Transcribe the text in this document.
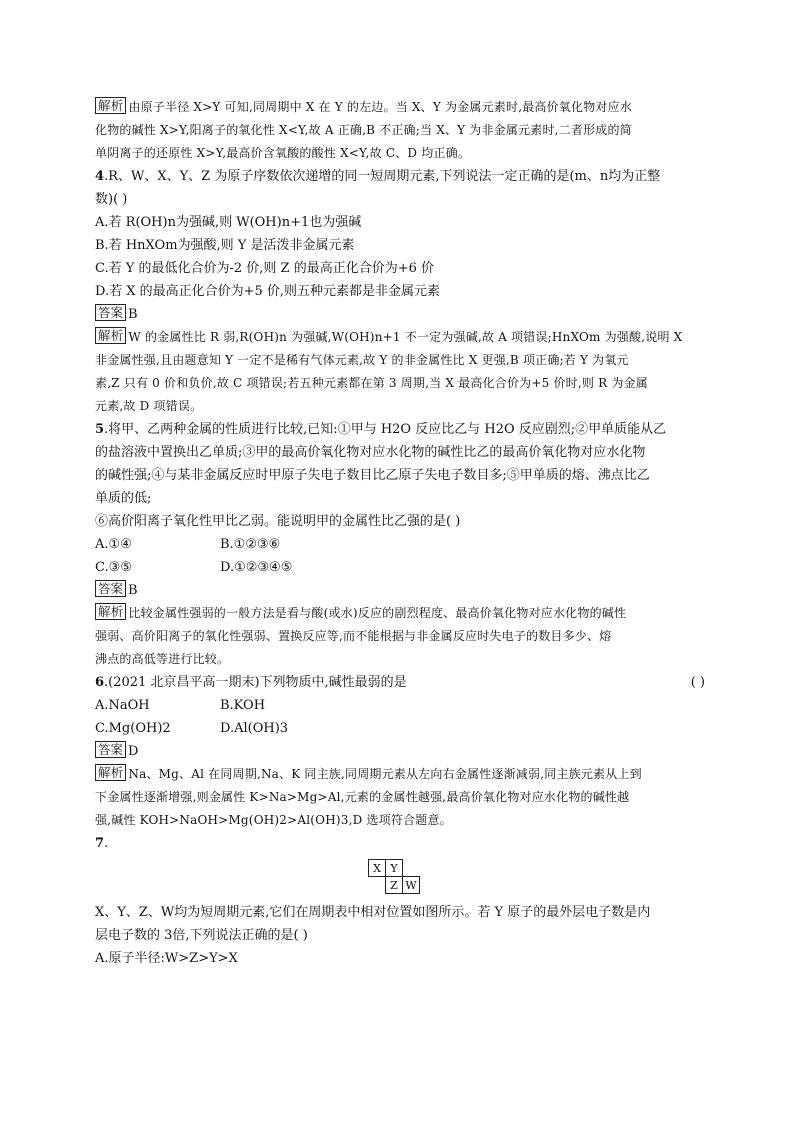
解析 由原子半径 X>Y 可知,同周期中 X 在 Y 的左边。当 X、Y 为金属元素时,最高价氧化物对应水
化物的碱性 X>Y,阳离子的氧化性 X<Y,故 A 正确,B 不正确;当 X、Y 为非金属元素时,二者形成的简
单阴离子的还原性 X>Y,最高价含氧酸的酸性 X<Y,故 C、D 均正确。
4.R、W、X、Y、Z 为原子序数依次递增的同一短周期元素,下列说法一定正确的是(m、n均为正整
数)( )
A.若 R(OH)n为强碱,则 W(OH)n+1也为强碱
B.若 HnXOm为强酸,则 Y 是活泼非金属元素
C.若 Y 的最低化合价为-2 价,则 Z 的最高正化合价为+6 价
D.若 X 的最高正化合价为+5 价,则五种元素都是非金属元素
答案 B
解析 W 的金属性比 R 弱,R(OH)n 为强碱,W(OH)n+1 不一定为强碱,故 A 项错误;HnXOm 为强酸,说明 X
非金属性强,且由题意知 Y 一定不是稀有气体元素,故 Y 的非金属性比 X 更强,B 项正确;若 Y 为氧元
素,Z 只有 0 价和负价,故 C 项错误;若五种元素都在第 3 周期,当 X 最高化合价为+5 价时,则 R 为金属
元素,故 D 项错误。
5.将甲、乙两种金属的性质进行比较,已知:①甲与 H2O 反应比乙与 H2O 反应剧烈;②甲单质能从乙
的盐溶液中置换出乙单质;③甲的最高价氧化物对应水化物的碱性比乙的最高价氧化物对应水化物
的碱性强;④与某非金属反应时甲原子失电子数目比乙原子失电子数目多;⑤甲单质的熔、沸点比乙
单质的低;
⑥高价阳离子氧化性甲比乙弱。能说明甲的金属性比乙强的是( )
A.①④	B.①②③⑥
C.③⑤	D.①②③④⑤
答案 B
解析 比较金属性强弱的一般方法是看与酸(或水)反应的剧烈程度、最高价氧化物对应水化物的碱性
强弱、高价阳离子的氧化性强弱、置换反应等,而不能根据与非金属反应时失电子的数目多少、熔
沸点的高低等进行比较。
6.(2021 北京昌平高一期末)下列物质中,碱性最弱的是	( )
A.NaOH	B.KOH
C.Mg(OH)2	D.Al(OH)3
答案 D
解析 Na、Mg、Al 在同周期,Na、K 同主族,同周期元素从左向右金属性逐渐减弱,同主族元素从上到
下金属性逐渐增强,则金属性 K>Na>Mg>Al,元素的金属性越强,最高价氧化物对应水化物的碱性越
强,碱性 KOH>NaOH>Mg(OH)2>Al(OH)3,D 选项符合题意。
7.
X Y
Z W
X、Y、Z、W均为短周期元素,它们在周期表中相对位置如图所示。若 Y 原子的最外层电子数是内
层电子数的 3倍,下列说法正确的是( )
A.原子半径:W>Z>Y>X
